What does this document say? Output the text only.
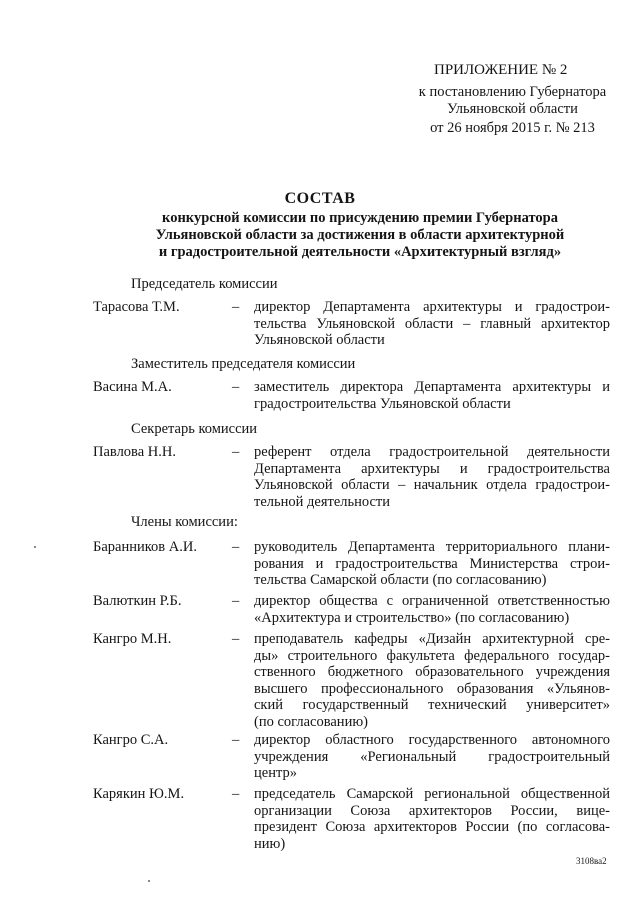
ПРИЛОЖЕНИЕ № 2
к постановлению Губернатора
Ульяновской области
от 26 ноября 2015 г. № 213
СОСТАВ
конкурсной комиссии по присуждению премии Губернатора
Ульяновской области за достижения в области архитектурной
и градостроительной деятельности «Архитектурный взгляд»
Председатель комиссии
Тарасова Т.М.	– директор Департамента архитектуры и градострои-
тельства Ульяновской области – главный архитектор
Ульяновской области
Заместитель председателя комиссии
Васина М.А.	– заместитель директора Департамента архитектуры и
градостроительства Ульяновской области
Секретарь комиссии
Павлова Н.Н.	– референт отдела градостроительной деятельности
Департамента архитектуры и градостроительства
Ульяновской области – начальник отдела градострои-
тельной деятельности
Члены комиссии:
Баранников А.И. – руководитель Департамента территориального плани-
рования и градостроительства Министерства строи-
тельства Самарской области (по согласованию)
Валюткин Р.Б.	– директор общества с ограниченной ответственностью
«Архитектура и строительство» (по согласованию)
Кангро М.Н.	– преподаватель кафедры «Дизайн архитектурной сре-
ды» строительного факультета федерального государ-
ственного бюджетного образовательного учреждения
высшего профессионального образования «Ульянов-
ский государственный технический университет»
(по согласованию)
Кангро С.А.	– директор областного государственного автономного
учреждения «Региональный градостроительный
центр»
Карякин Ю.М.	– председатель Самарской региональной общественной
организации Союза архитекторов России, вице-
президент Союза архитекторов России (по согласова-
нию)
3108ва2
